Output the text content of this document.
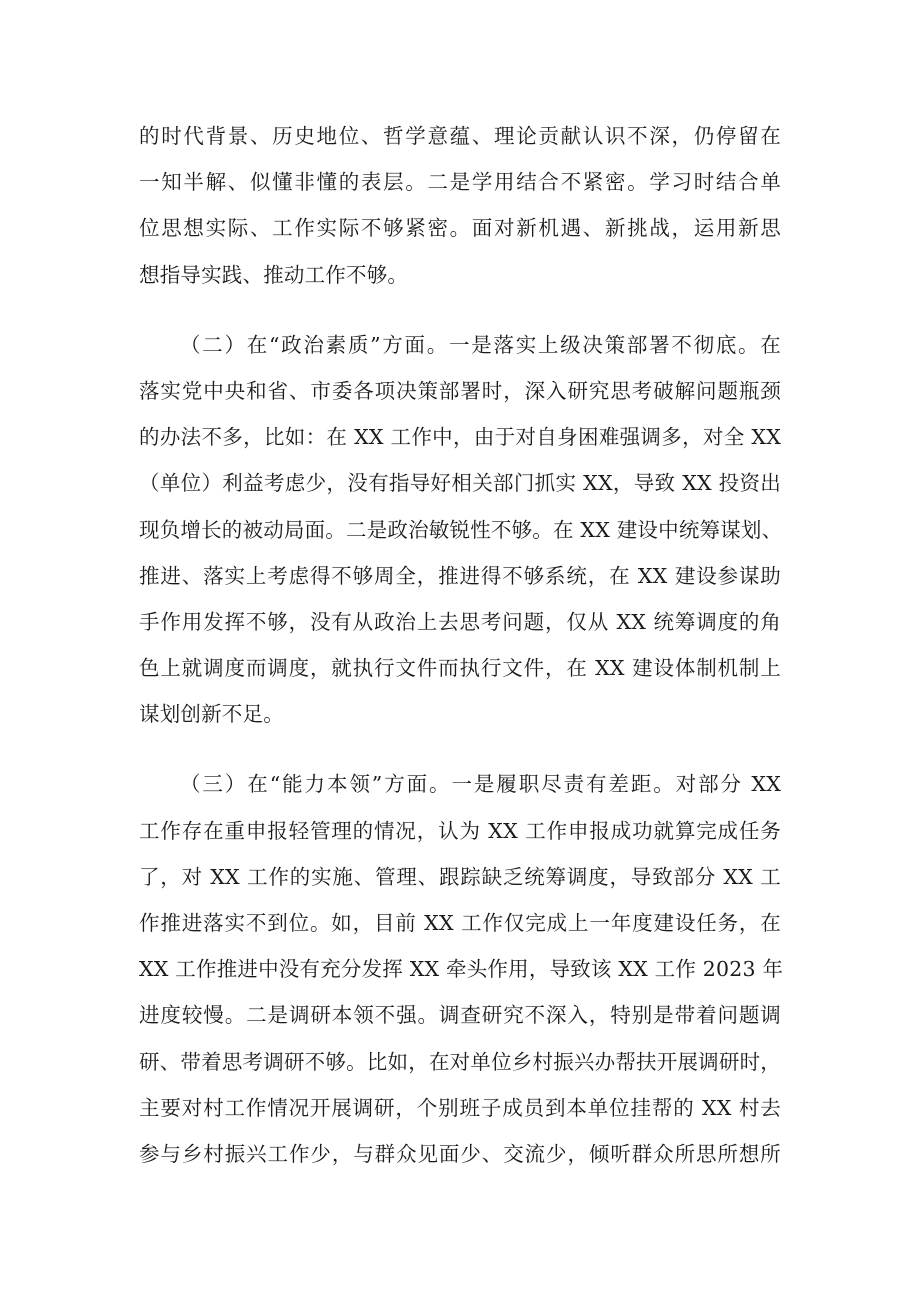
的时代背景、历史地位、哲学意蕴、理论贡献认识不深，仍停留在
一知半解、似懂非懂的表层。二是学用结合不紧密。学习时结合单
位思想实际、工作实际不够紧密。面对新机遇、新挑战，运用新思
想指导实践、推动工作不够。
（二）在“政治素质”方面。一是落实上级决策部署不彻底。在
落实党中央和省、市委各项决策部署时，深入研究思考破解问题瓶颈
的办法不多，比如：在 XX 工作中，由于对自身困难强调多，对全 XX
（单位）利益考虑少，没有指导好相关部门抓实 XX，导致 XX 投资出
现负增长的被动局面。二是政治敏锐性不够。在 XX 建设中统筹谋划、
推进、落实上考虑得不够周全，推进得不够系统，在 XX 建设参谋助
手作用发挥不够，没有从政治上去思考问题，仅从 XX 统筹调度的角
色上就调度而调度，就执行文件而执行文件，在 XX 建设体制机制上
谋划创新不足。
（三）在“能力本领”方面。一是履职尽责有差距。对部分 XX
工作存在重申报轻管理的情况，认为 XX 工作申报成功就算完成任务
了，对 XX 工作的实施、管理、跟踪缺乏统筹调度，导致部分 XX 工
作推进落实不到位。如，目前 XX 工作仅完成上一年度建设任务，在
XX 工作推进中没有充分发挥 XX 牵头作用，导致该 XX 工作 2023 年
进度较慢。二是调研本领不强。调查研究不深入，特别是带着问题调
研、带着思考调研不够。比如，在对单位乡村振兴办帮扶开展调研时，
主要对村工作情况开展调研，个别班子成员到本单位挂帮的 XX 村去
参与乡村振兴工作少，与群众见面少、交流少，倾听群众所思所想所
